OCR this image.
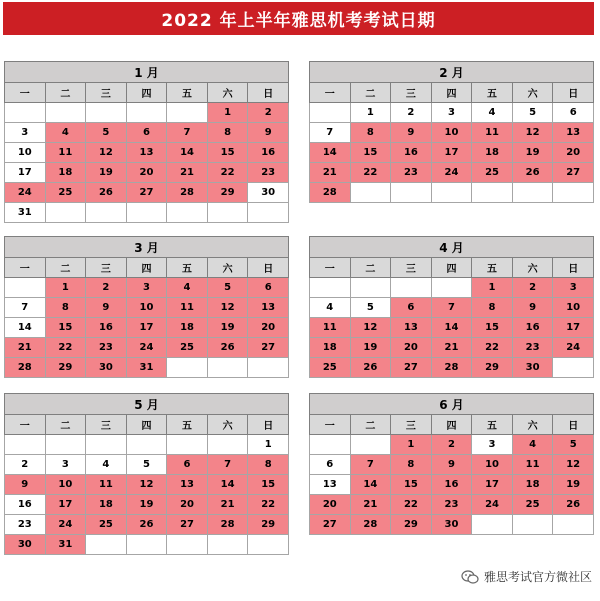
2022 年上半年雅思机考考试日期
1 月						
一	二	三	四	五	六	日
					1	2
3	4	5	6	7	8	9
10	11	12	13	14	15	16
17	18	19	20	21	22	23
24	25	26	27	28	29	30
31						
2 月						
一	二	三	四	五	六	日
	1	2	3	4	5	6
7	8	9	10	11	12	13
14	15	16	17	18	19	20
21	22	23	24	25	26	27
28						
3 月						
一	二	三	四	五	六	日
	1	2	3	4	5	6
7	8	9	10	11	12	13
14	15	16	17	18	19	20
21	22	23	24	25	26	27
28	29	30	31			
4 月						
一	二	三	四	五	六	日
				1	2	3
4	5	6	7	8	9	10
11	12	13	14	15	16	17
18	19	20	21	22	23	24
25	26	27	28	29	30	
5 月						
一	二	三	四	五	六	日
						1
2	3	4	5	6	7	8
9	10	11	12	13	14	15
16	17	18	19	20	21	22
23	24	25	26	27	28	29
30	31					
6 月						
一	二	三	四	五	六	日
		1	2	3	4	5
6	7	8	9	10	11	12
13	14	15	16	17	18	19
20	21	22	23	24	25	26
27	28	29	30			
雅思考试官方微社区
